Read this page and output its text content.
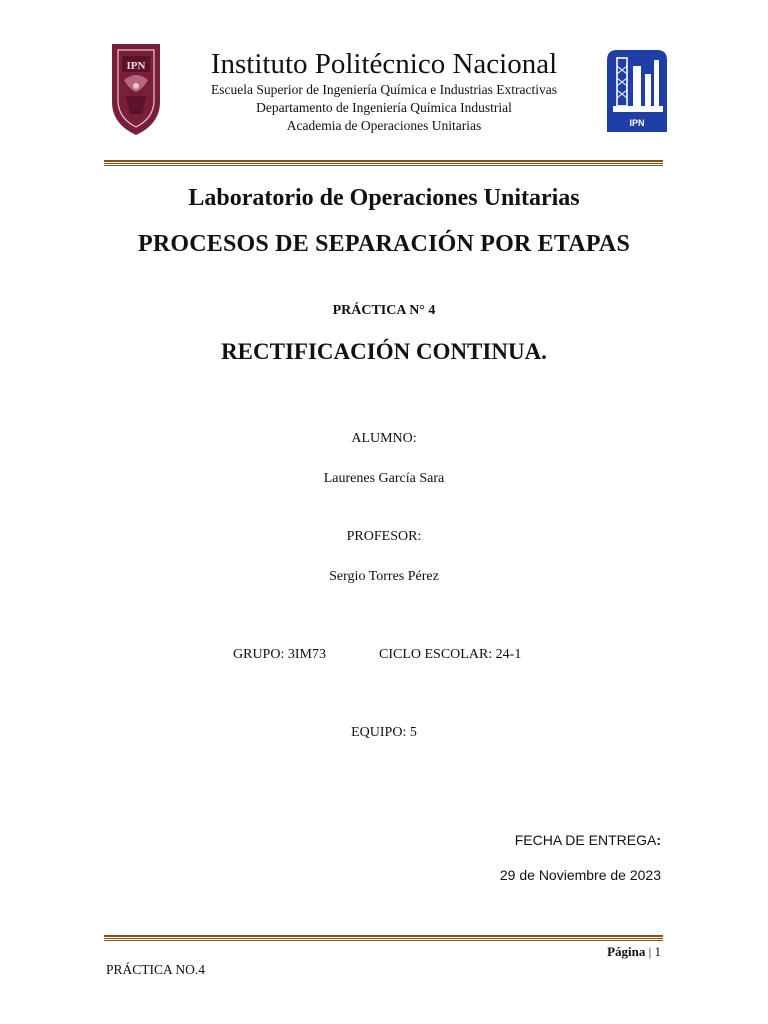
IPN
IPN
Instituto Politécnico Nacional
Escuela Superior de Ingeniería Química e Industrias Extractivas
Departamento de Ingeniería Química Industrial
Academia de Operaciones Unitarias
Laboratorio de Operaciones Unitarias
PROCESOS DE SEPARACIÓN POR ETAPAS
PRÁCTICA N° 4
RECTIFICACIÓN CONTINUA.
ALUMNO:
Laurenes García Sara
PROFESOR:
Sergio Torres Pérez
GRUPO: 3IM73	CICLO ESCOLAR: 24-1
EQUIPO: 5
FECHA DE ENTREGA:
29 de Noviembre de 2023
Página | 1
PRÁCTICA NO.4
